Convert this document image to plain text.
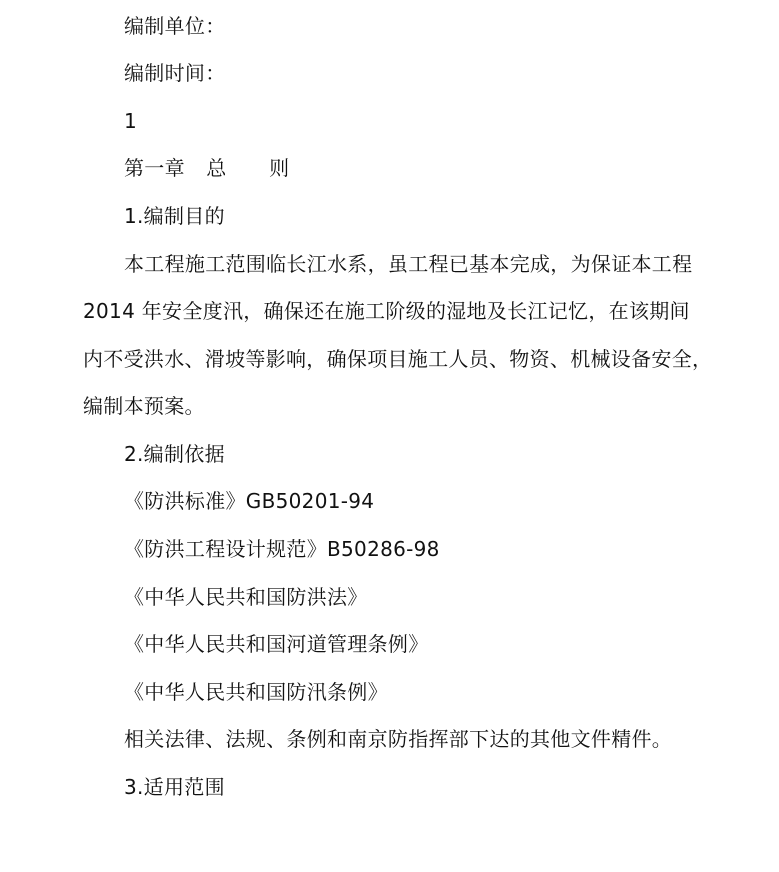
编制单位：
编制时间：
1
第一章  总    则
1.编制目的
本工程施工范围临长江水系，虽工程已基本完成，为保证本工程
2014 年安全度汛，确保还在施工阶级的湿地及长江记忆，在该期间
内不受洪水、滑坡等影响，确保项目施工人员、物资、机械设备安全，
编制本预案。
2.编制依据
《防洪标准》GB50201-94
《防洪工程设计规范》B50286-98
《中华人民共和国防洪法》
《中华人民共和国河道管理条例》
《中华人民共和国防汛条例》
相关法律、法规、条例和南京防指挥部下达的其他文件精件。
3.适用范围
